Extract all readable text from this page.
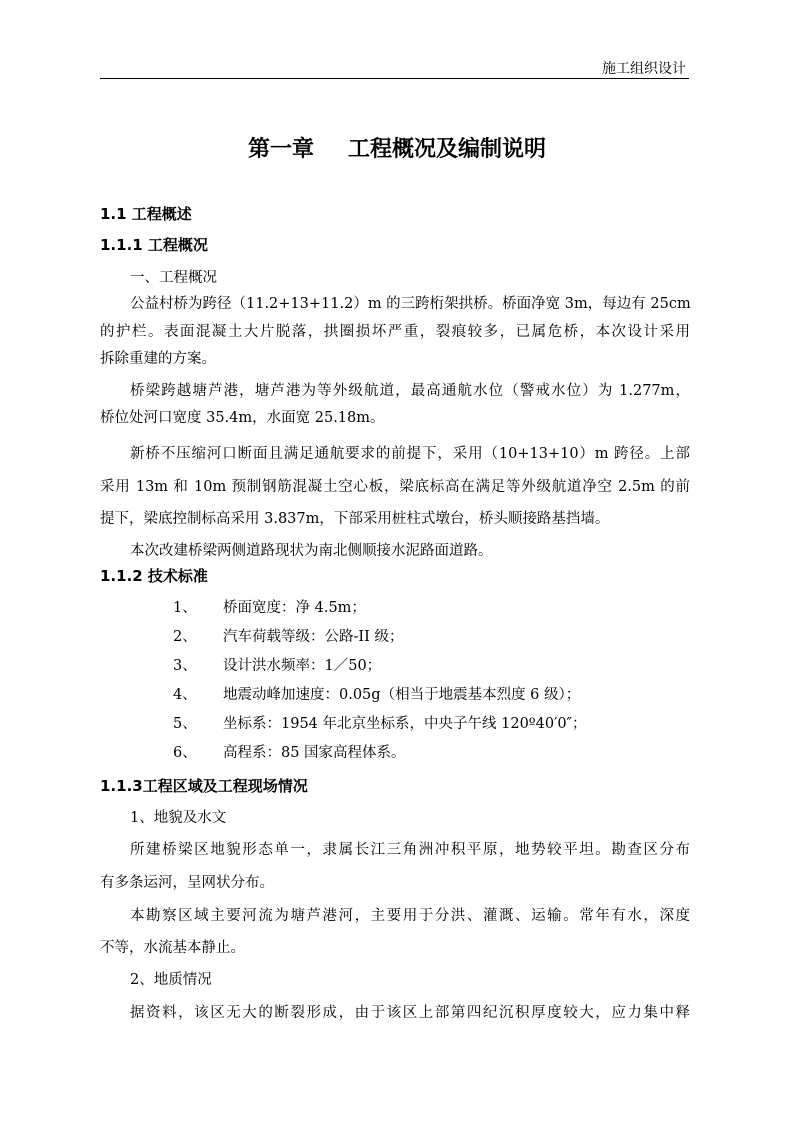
施工组织设计
第一章 工程概况及编制说明
1.1 工程概述
1.1.1 工程概况
一、工程概况
公益村桥为跨径（11.2+13+11.2）m 的三跨桁架拱桥。桥面净宽 3m，每边有 25cm
的护栏。表面混凝土大片脱落，拱圈损坏严重，裂痕较多，已属危桥，本次设计采用
拆除重建的方案。
桥梁跨越塘芦港，塘芦港为等外级航道，最高通航水位（警戒水位）为 1.277m，
桥位处河口宽度 35.4m，水面宽 25.18m。
新桥不压缩河口断面且满足通航要求的前提下，采用（10+13+10）m 跨径。上部
采用 13m 和 10m 预制钢筋混凝土空心板，梁底标高在满足等外级航道净空 2.5m 的前
提下，梁底控制标高采用 3.837m，下部采用桩柱式墩台，桥头顺接路基挡墙。
本次改建桥梁两侧道路现状为南北侧顺接水泥路面道路。
1.1.2 技术标准
1、 桥面宽度：净 4.5m；
2、 汽车荷载等级：公路-II 级；
3、 设计洪水频率：1／50；
4、 地震动峰加速度：0.05g（相当于地震基本烈度 6 级）；
5、 坐标系：1954 年北京坐标系，中央子午线 120º40′0″；
6、 高程系：85 国家高程体系。
1.1.3工程区域及工程现场情况
1、地貌及水文
所建桥梁区地貌形态单一，隶属长江三角洲冲积平原，地势较平坦。勘查区分布
有多条运河，呈网状分布。
本勘察区域主要河流为塘芦港河，主要用于分洪、灌溉、运输。常年有水，深度
不等，水流基本静止。
2、地质情况
据资料，该区无大的断裂形成，由于该区上部第四纪沉积厚度较大，应力集中释
